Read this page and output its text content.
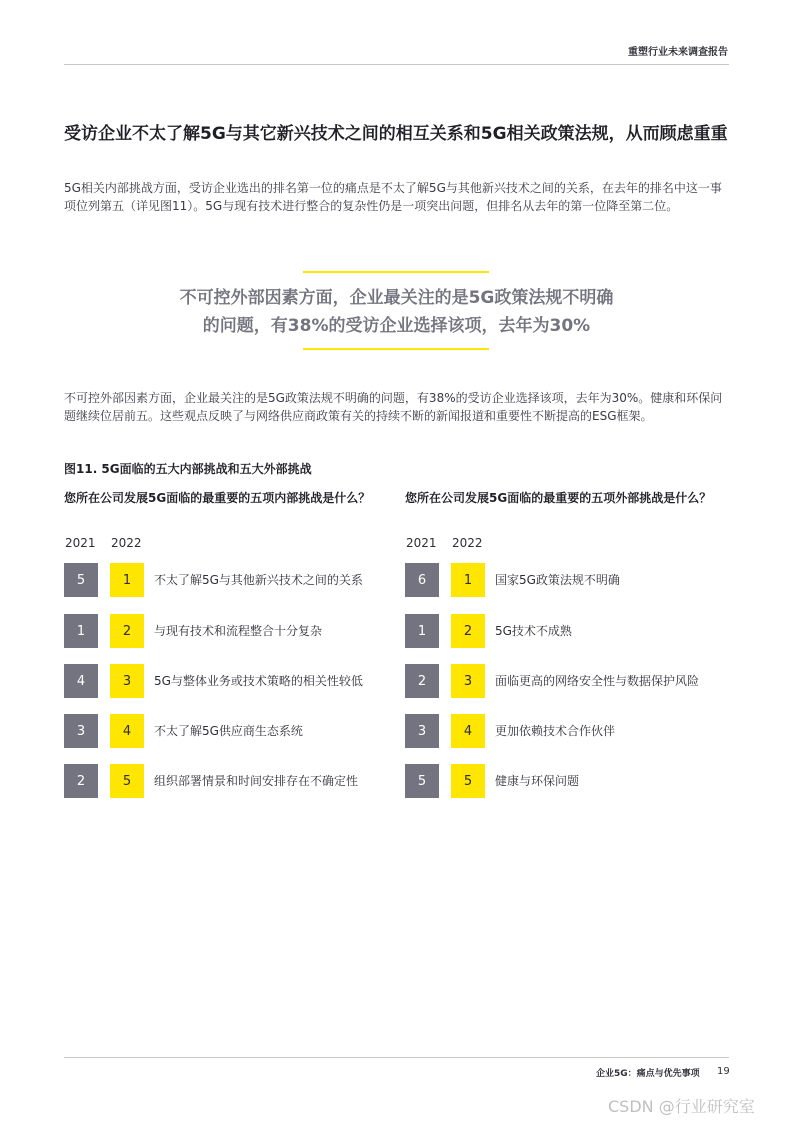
重塑行业未来调查报告
受访企业不太了解5G与其它新兴技术之间的相互关系和5G相关政策法规，从而顾虑重重
5G相关内部挑战方面，受访企业选出的排名第一位的痛点是不太了解5G与其他新兴技术之间的关系，在去年的排名中这一事项位列第五（详见图11）。5G与现有技术进行整合的复杂性仍是一项突出问题，但排名从去年的第一位降至第二位。
不可控外部因素方面，企业最关注的是5G政策法规不明确
的问题，有38%的受访企业选择该项，去年为30%
不可控外部因素方面，企业最关注的是5G政策法规不明确的问题，有38%的受访企业选择该项，去年为30%。健康和环保问题继续位居前五。这些观点反映了与网络供应商政策有关的持续不断的新闻报道和重要性不断提高的ESG框架。
图11. 5G面临的五大内部挑战和五大外部挑战
您所在公司发展5G面临的最重要的五项内部挑战是什么？
2021 2022
5	1	不太了解5G与其他新兴技术之间的关系
1	2	与现有技术和流程整合十分复杂
4	3	5G与整体业务或技术策略的相关性较低
3	4	不太了解5G供应商生态系统
2	5	组织部署情景和时间安排存在不确定性
您所在公司发展5G面临的最重要的五项外部挑战是什么？
2021 2022
6	1	国家5G政策法规不明确
1	2	5G技术不成熟
2	3	面临更高的网络安全性与数据保护风险
3	4	更加依赖技术合作伙伴
5	5	健康与环保问题
企业5G：痛点与优先事项 19
CSDN @行业研究室
